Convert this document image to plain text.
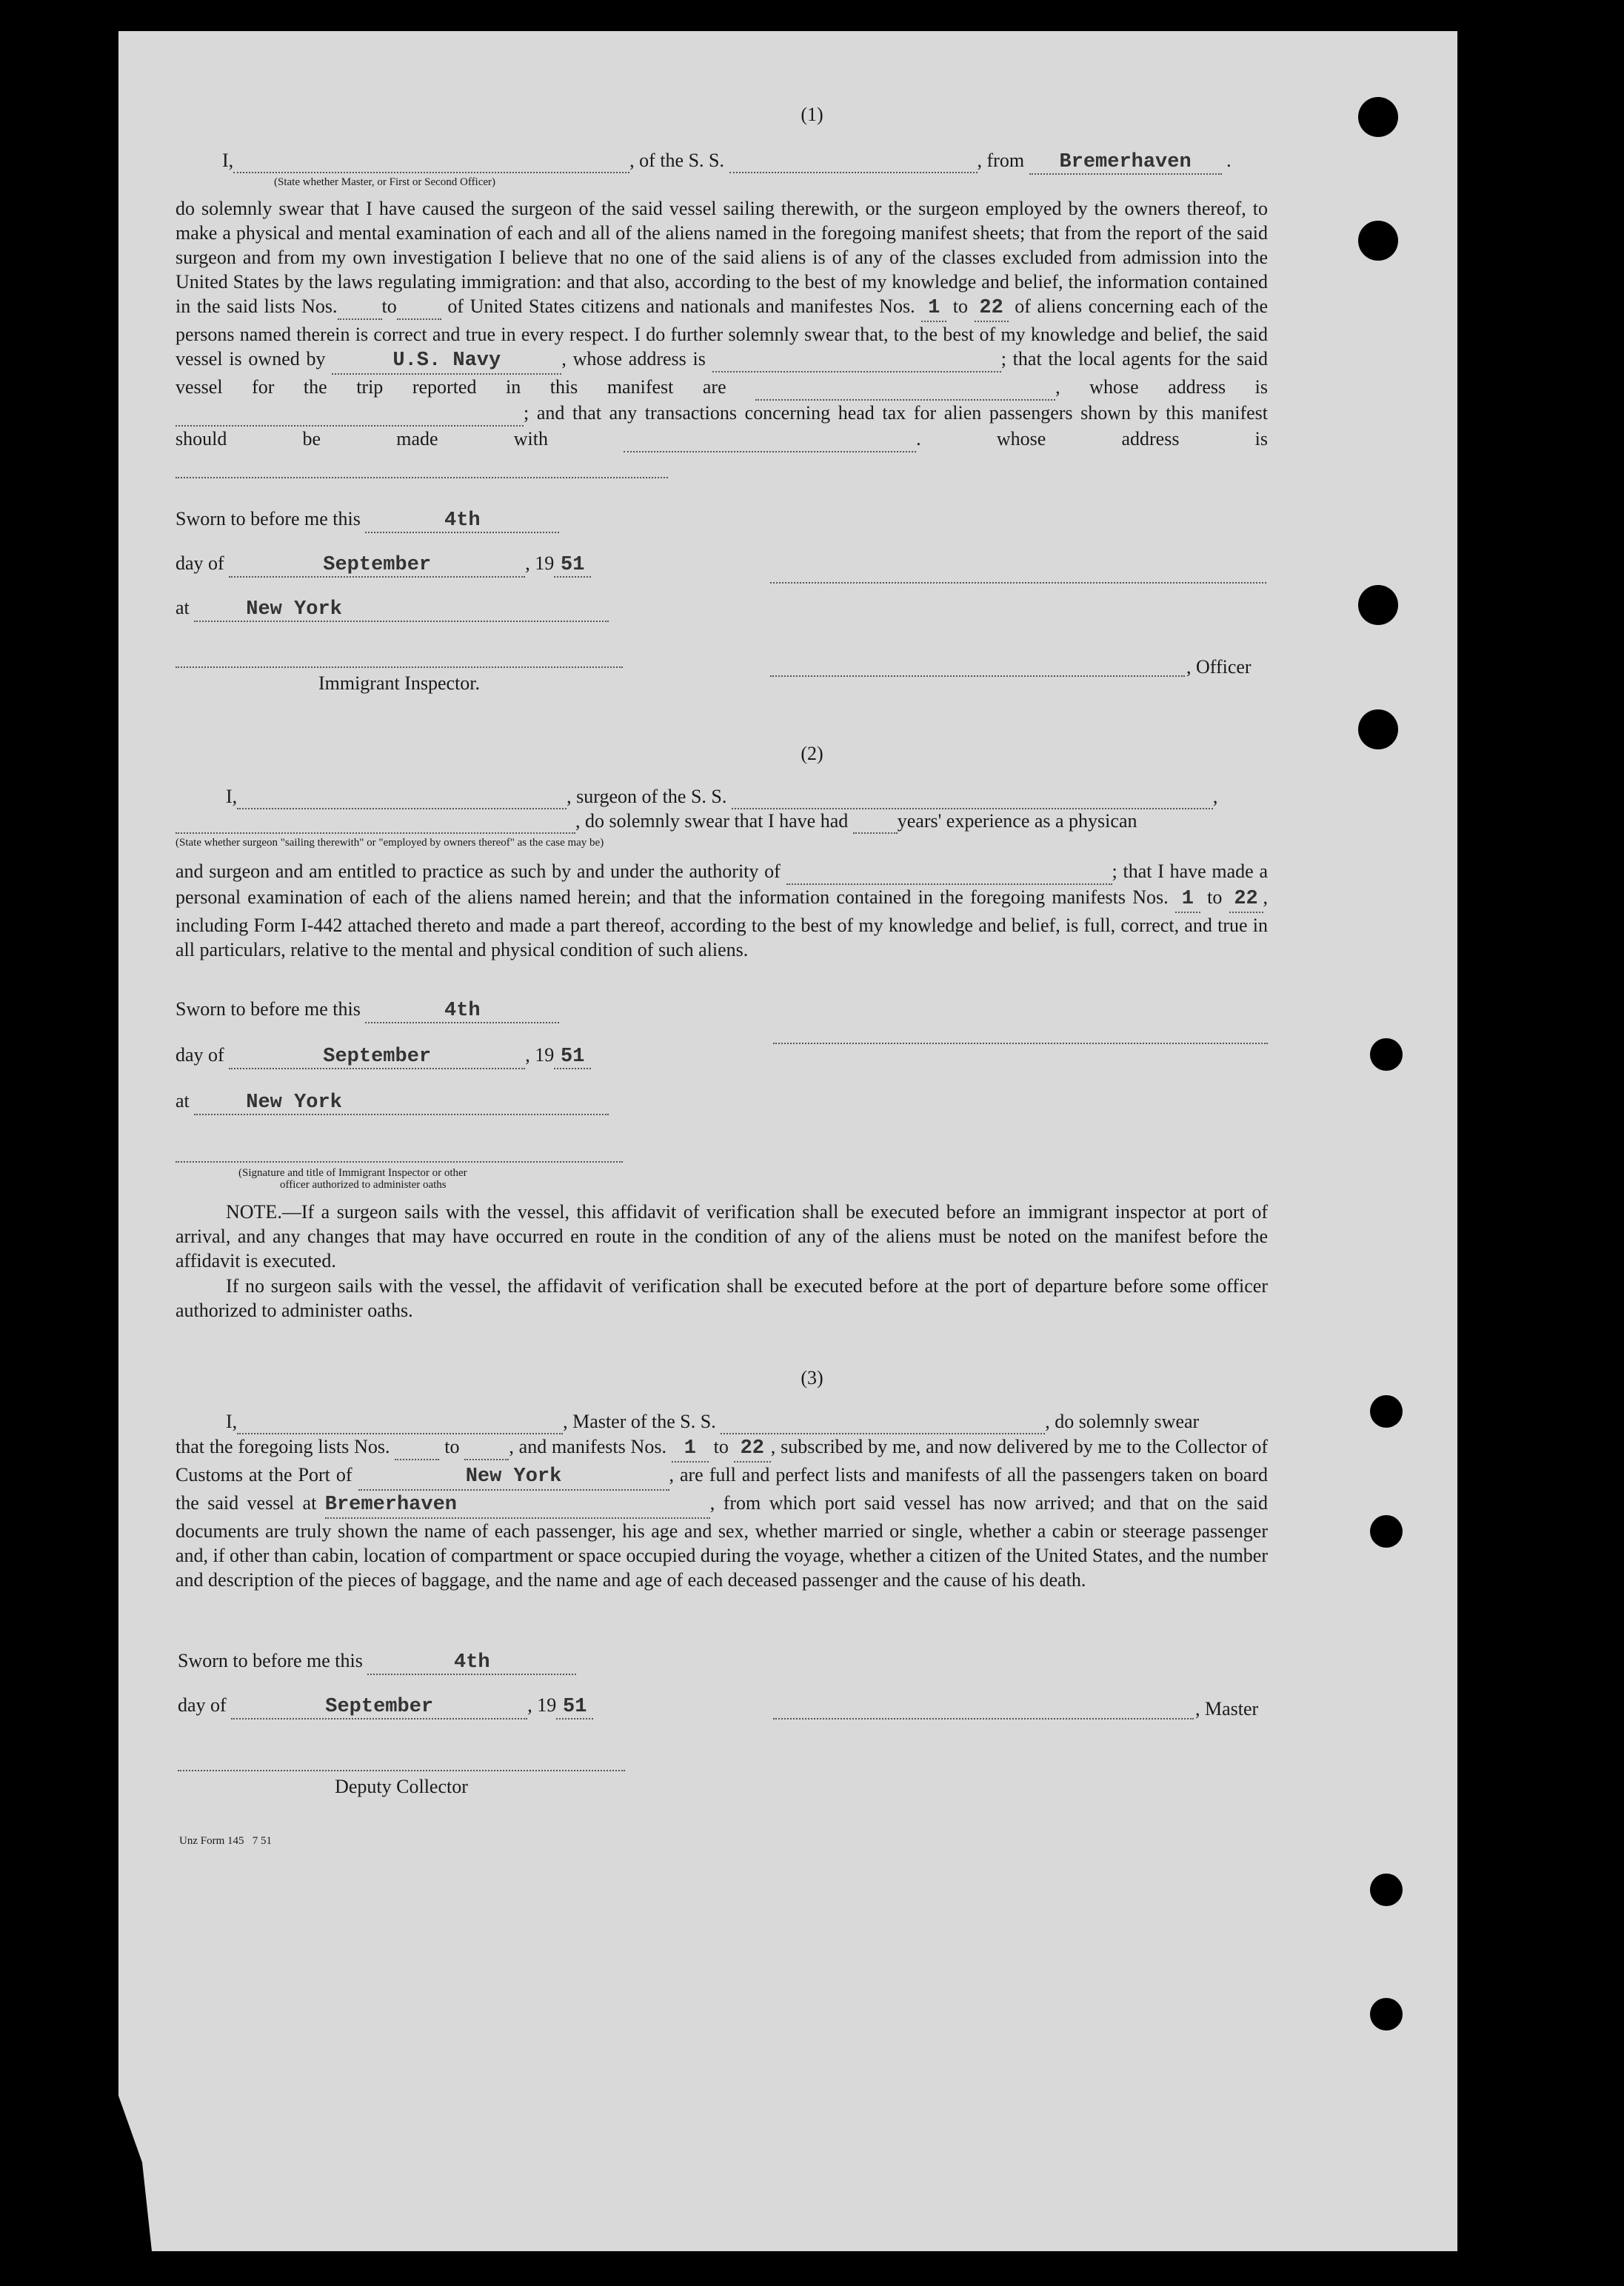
(1)
I,	, of the S. S.	, from Bremerhaven .
(State whether Master, or First or Second Officer)
do solemnly swear that I have caused the surgeon of the said vessel sailing therewith, or the surgeon employed by the owners thereof, to make a physical and mental examination of each and all of the aliens named in the foregoing manifest sheets; that from the report of the said surgeon and from my own investigation I believe that no one of the said aliens is of any of the classes excluded from admission into the United States by the laws regulating immigration: and that also, according to the best of my knowledge and belief, the information contained in the said lists Nos. to	of United States citizens and nationals and manifestes Nos. 1 to 22 of aliens concerning each of the persons named therein is correct and true in every respect. I do further solemnly swear that, to the best of my knowledge and belief, the said vessel is owned by	U.S. Navy	, whose address is	; that the local agents for the said vessel for the trip reported in this manifest are	, whose address is  ; and that any transactions concerning head tax for alien passengers shown by this manifest should be made with	. whose address is
Sworn to before me this	4th
day of	September	, 19 51
at	New York
, Officer
Immigrant Inspector.
(2)
I,	, surgeon of the S. S.	,
, do solemnly swear that I have had	years' experience as a physican
(State whether surgeon "sailing therewith" or "employed by owners thereof" as the case may be)
and surgeon and am entitled to practice as such by and under the authority of	; that I have made a personal examination of each of the aliens named herein; and that the information contained in the foregoing manifests Nos. 1 to 22 , including Form I-442 attached thereto and made a part thereof, according to the best of my knowledge and belief, is full, correct, and true in all particulars, relative to the mental and physical condition of such aliens.
Sworn to before me this	4th
day of	September	, 19 51
at	New York
(Signature and title of Immigrant Inspector or other
officer authorized to administer oaths
NOTE.—If a surgeon sails with the vessel, this affidavit of verification shall be executed before an immigrant inspector at port of arrival, and any changes that may have occurred en route in the condition of any of the aliens must be noted on the manifest before the affidavit is executed.
If no surgeon sails with the vessel, the affidavit of verification shall be executed before at the port of departure before some officer authorized to administer oaths.
(3)
I,	, Master of the S. S.	, do solemnly swear
that the foregoing lists Nos.	to	, and manifests Nos. 1 to 22 , subscribed by me, and now delivered by me to the Collector of Customs at the Port of	New York	, are full and perfect lists and manifests of all the passengers taken on board the said vessel at Bremerhaven	, from which port said vessel has now arrived; and that on the said documents are truly shown the name of each passenger, his age and sex, whether married or single, whether a cabin or steerage passenger and, if other than cabin, location of compartment or space occupied during the voyage, whether a citizen of the United States, and the number and description of the pieces of baggage, and the name and age of each deceased passenger and the cause of his death.
Sworn to before me this	4th
day of	September	, 19 51	, Master
Deputy Collector
Unz Form 145   7 51
